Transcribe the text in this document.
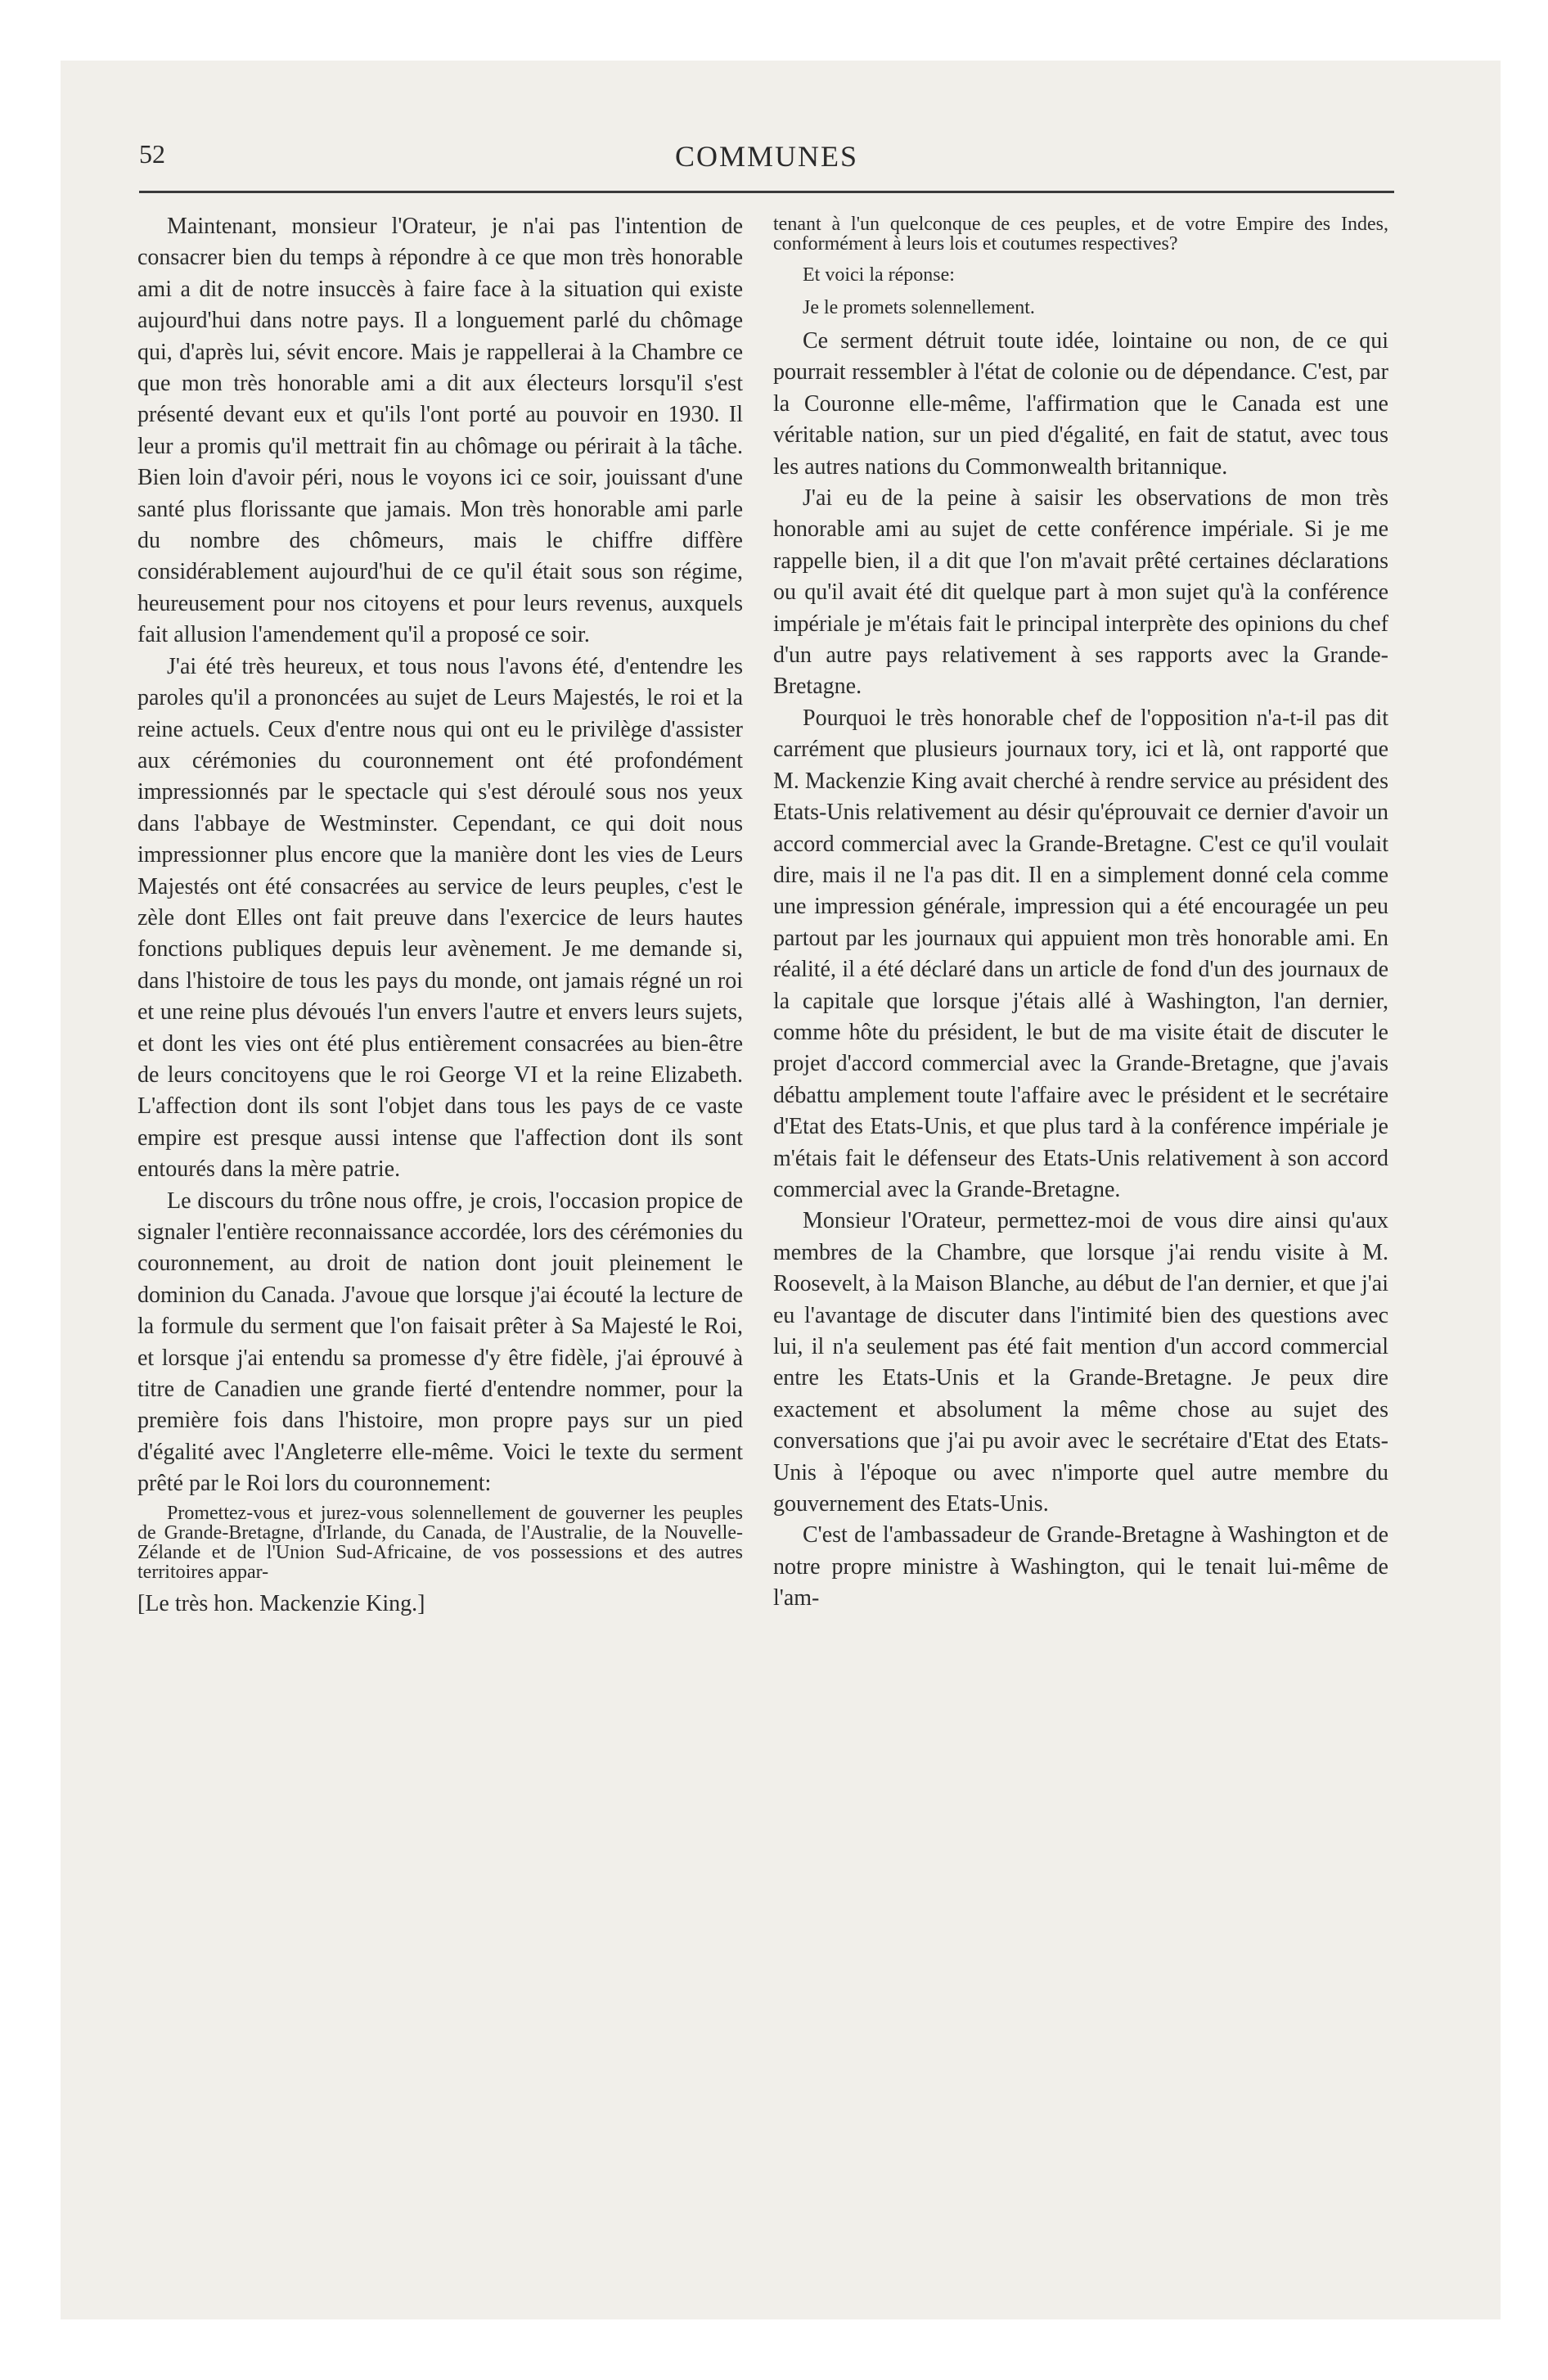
52	COMMUNES

Maintenant, monsieur l'Orateur, je n'ai pas l'intention de consacrer bien du temps à répondre à ce que mon très honorable ami a dit de notre insuccès à faire face à la situation qui existe aujourd'hui dans notre pays. Il a longuement parlé du chômage qui, d'après lui, sévit encore. Mais je rappellerai à la Chambre ce que mon très honorable ami a dit aux électeurs lorsqu'il s'est présenté devant eux et qu'ils l'ont porté au pouvoir en 1930. Il leur a promis qu'il mettrait fin au chômage ou périrait à la tâche. Bien loin d'avoir péri, nous le voyons ici ce soir, jouissant d'une santé plus florissante que jamais. Mon très honorable ami parle du nombre des chômeurs, mais le chiffre diffère considérablement aujourd'hui de ce qu'il était sous son régime, heureusement pour nos citoyens et pour leurs revenus, auxquels fait allusion l'amendement qu'il a proposé ce soir.

J'ai été très heureux, et tous nous l'avons été, d'entendre les paroles qu'il a prononcées au sujet de Leurs Majestés, le roi et la reine actuels. Ceux d'entre nous qui ont eu le privilège d'assister aux cérémonies du couronnement ont été profondément impressionnés par le spectacle qui s'est déroulé sous nos yeux dans l'abbaye de Westminster. Cependant, ce qui doit nous impressionner plus encore que la manière dont les vies de Leurs Majestés ont été consacrées au service de leurs peuples, c'est le zèle dont Elles ont fait preuve dans l'exercice de leurs hautes fonctions publiques depuis leur avènement. Je me demande si, dans l'histoire de tous les pays du monde, ont jamais régné un roi et une reine plus dévoués l'un envers l'autre et envers leurs sujets, et dont les vies ont été plus entièrement consacrées au bien-être de leurs concitoyens que le roi George VI et la reine Elizabeth. L'affection dont ils sont l'objet dans tous les pays de ce vaste empire est presque aussi intense que l'affection dont ils sont entourés dans la mère patrie.

Le discours du trône nous offre, je crois, l'occasion propice de signaler l'entière reconnaissance accordée, lors des cérémonies du couronnement, au droit de nation dont jouit pleinement le dominion du Canada. J'avoue que lorsque j'ai écouté la lecture de la formule du serment que l'on faisait prêter à Sa Majesté le Roi, et lorsque j'ai entendu sa promesse d'y être fidèle, j'ai éprouvé à titre de Canadien une grande fierté d'entendre nommer, pour la première fois dans l'histoire, mon propre pays sur un pied d'égalité avec l'Angleterre elle-même. Voici le texte du serment prêté par le Roi lors du couronnement:

Promettez-vous et jurez-vous solennellement de gouverner les peuples de Grande-Bretagne, d'Irlande, du Canada, de l'Australie, de la Nouvelle-Zélande et de l'Union Sud-Africaine, de vos possessions et des autres territoires appar-

[Le très hon. Mackenzie King.]

tenant à l'un quelconque de ces peuples, et de votre Empire des Indes, conformément à leurs lois et coutumes respectives?

Et voici la réponse:

Je le promets solennellement.

Ce serment détruit toute idée, lointaine ou non, de ce qui pourrait ressembler à l'état de colonie ou de dépendance. C'est, par la Couronne elle-même, l'affirmation que le Canada est une véritable nation, sur un pied d'égalité, en fait de statut, avec tous les autres nations du Commonwealth britannique.

J'ai eu de la peine à saisir les observations de mon très honorable ami au sujet de cette conférence impériale. Si je me rappelle bien, il a dit que l'on m'avait prêté certaines déclarations ou qu'il avait été dit quelque part à mon sujet qu'à la conférence impériale je m'étais fait le principal interprète des opinions du chef d'un autre pays relativement à ses rapports avec la Grande-Bretagne.

Pourquoi le très honorable chef de l'opposition n'a-t-il pas dit carrément que plusieurs journaux tory, ici et là, ont rapporté que M. Mackenzie King avait cherché à rendre service au président des Etats-Unis relativement au désir qu'éprouvait ce dernier d'avoir un accord commercial avec la Grande-Bretagne. C'est ce qu'il voulait dire, mais il ne l'a pas dit. Il en a simplement donné cela comme une impression générale, impression qui a été encouragée un peu partout par les journaux qui appuient mon très honorable ami. En réalité, il a été déclaré dans un article de fond d'un des journaux de la capitale que lorsque j'étais allé à Washington, l'an dernier, comme hôte du président, le but de ma visite était de discuter le projet d'accord commercial avec la Grande-Bretagne, que j'avais débattu amplement toute l'affaire avec le président et le secrétaire d'Etat des Etats-Unis, et que plus tard à la conférence impériale je m'étais fait le défenseur des Etats-Unis relativement à son accord commercial avec la Grande-Bretagne.

Monsieur l'Orateur, permettez-moi de vous dire ainsi qu'aux membres de la Chambre, que lorsque j'ai rendu visite à M. Roosevelt, à la Maison Blanche, au début de l'an dernier, et que j'ai eu l'avantage de discuter dans l'intimité bien des questions avec lui, il n'a seulement pas été fait mention d'un accord commercial entre les Etats-Unis et la Grande-Bretagne. Je peux dire exactement et absolument la même chose au sujet des conversations que j'ai pu avoir avec le secrétaire d'Etat des Etats-Unis à l'époque ou avec n'importe quel autre membre du gouvernement des Etats-Unis.

C'est de l'ambassadeur de Grande-Bretagne à Washington et de notre propre ministre à Washington, qui le tenait lui-même de l'am-
